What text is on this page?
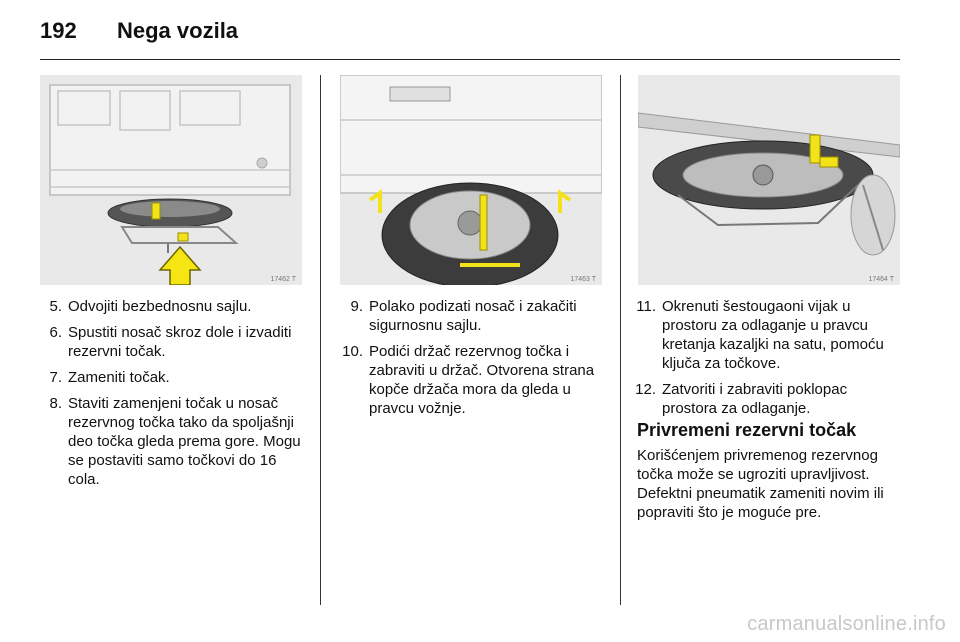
192 Nega vozila
17462 T	17463 T	17464 T
5. Odvojiti bezbednosnu sajlu.
6. Spustiti nosač skroz dole i izvaditi rezervni točak.
7. Zameniti točak.
8. Staviti zamenjeni točak u nosač rezervnog točka tako da spoljašnji deo točka gleda prema gore. Mogu se postaviti samo točkovi do 16 cola.
9. Polako podizati nosač i zakačiti sigurnosnu sajlu.
10. Podići držač rezervnog točka i zabraviti u držač. Otvorena strana kopče držača mora da gleda u pravcu vožnje.
11. Okrenuti šestougaoni vijak u prostoru za odlaganje u pravcu kretanja kazaljki na satu, pomoću ključa za točkove.
12. Zatvoriti i zabraviti poklopac prostora za odlaganje.
Privremeni rezervni točak

Korišćenjem privremenog rezervnog točka može se ugroziti upravljivost. Defektni pneumatik zameniti novim ili popraviti što je moguće pre.

carmanualsonline.info
